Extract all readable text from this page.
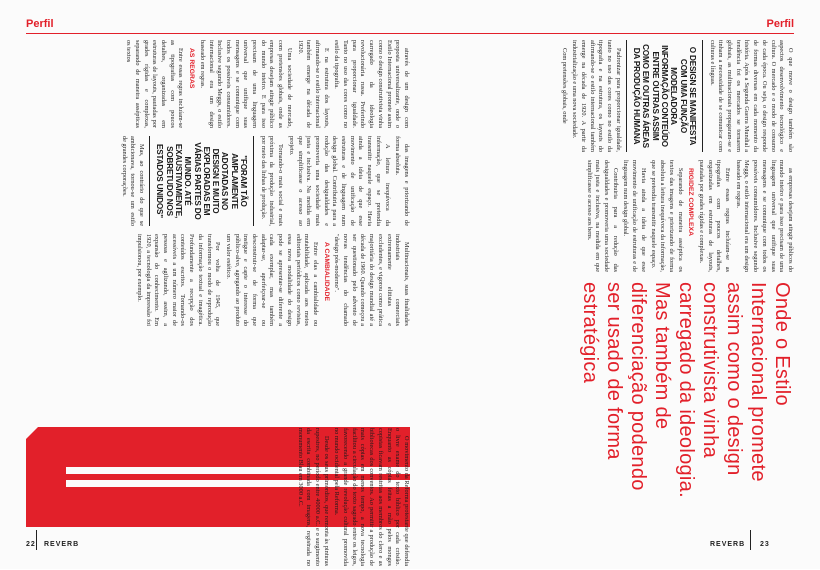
Perfil
22 REVERB	O movimento da Reforma protestante que defendia o livre exame do texto bíblico por cada cristão. Enquanto as cópias feitas a mão pelos monges copistas ficavam restritas aos membros do clero e as bibliotecas dos conventos. Ao permitir a produção de mais cópias em menos tempo, a nova tecnologia facilitou a circulação do texto sagrado entre os leigos, favorecendo a grande revolução cultural promovida no mundo ocidental pela Reforma.

Desde os seus primórdios, que remonta às pinturas rupestres, no período entre 40000 a.C. e o surgimento da escrita combinada com imagens, registrada no monumento Blau em 3000 a.C.

através de um design com proposta universalizante, onde o Estilo Internacional promete assim como o design construtivista vinha carregado da ideologia revolucionária russa. Preferindo para proporcionar igualdade. Tanto no uso das cores como no estilo da tipografia.

E na estrutura dos layouts, afirmando-se o estilo internacional também emerge na década de 1920.

Uma sociedade de mercado, com pretensões globais, onde as empresas desejam atingir público do mundo inteiro. E para isso precisam de uma linguagem universal que unifique suas mensagens e se comunique com todos os possíveis consumidores. Inclusive segundo Meggs, o estilo internacional era um design baseado em regras.

AS REGRAS

Entre essas regras incluíam-se as tipografias com poucos detalhes, organizadas em estruturas de layouts, pautadas por grades rígidas e complexas, separando de maneira assépticas os textos

das imagens e priorizando de forma absoluta.

A leitura inequívoca da informação, que se pretendia transmitir naquele espaço. Havia ainda a ideia de que esse movimento de unificação de estruturas e de linguagem num design global. Contribuiria para a redução das desigualdades e promoveria uma sociedade mais justa e inclusiva. Na medida em que simplificasse o acesso ao projeto.

Tornando-o mais social e mais próxima da produção industrial, por meio das linhas de produção.

"FORAM TÃO AMPLAMENTE ADOTADAS NO DESIGN E MUITO EXPLORADAS EM VÁRIAS PARTES DO MUNDO. ATÉ EXAUSTIVAMENTE, SOBRETUDO NOS ESTADOS UNIDOS"

Mas, ao contrário do que se ambicionava, tornou-se um estilo de grandes corporações.

Multinacionais, suas finalidades industriais comerciais extremamente elitistas e excludentes, e vigorou como prática majoritária do design mundial até a década de 1960. Quando começou a ser questionado pelo advento de novas tendências do chamado "design pós-moderno".

A CAMBIALIDADE

Entre elas a cambialidade ou mutabilidade, aplicada aos meios editoriais periódicos como revistas, essa nova modalidade do design pode se apresentar-se diferente a cada exemplar, mas também adaptar-se, aperfeiçoar-se ou desconstruir-se de forma que instigue e capte o interesse do público-alvo, agregando ao produto um valor estético.

Por volta de 1945, que transformou o modo de reprodução da informação textual e imagética. Profundamente a recepção dos conteúdos escritos. Tornando-os acessíveis a um número maior de pessoas e agilizando, assim, a expansão do conhecimento. Em 1920, a tecnologia da impressão foi impulsionou, por exemplo.

Perfil
REVERB 23

O que move o design também são aspectos desenvolvimento tecnológico e cultura. O mercado e o modo de consumo de cada época. Ou seja, o design responde de formas diversas em cada momento da história. Após a Segunda Guerra Mundial a tendência foi os mercados se tornarem globais, as multinacionais propagaram-se e tinham a necessidade de se comunicar com culturas e línguas.

O DESIGN SE MANIFESTA COM UMA FUNÇÃO MODELADORA INFORMAÇÃO CONTEÚDO ENTRE OUTRAS ASSIM COMO EM OUTRAS ÁREAS DA PRODUÇÃO HUMANA

Padronizar para proporcionar igualdade, tanto no uso das cores como no estilo da tipografia e na estrutura, os layouts do afirmando-se o estilo internacional também emerge na década de 1920. A partir da industrialização e uma nova sociedade.

Com pretensões globais, onde

as empresas desejam atingir públicos do mundo inteiro e para isso precisam de uma linguagem universal que unifique suas mensagens e se comunique com todos os possíveis consumidores. Inclusive segundo Meggs, o estilo internacional era um design baseado em regras.

Entre essas regras incluíam-se as tipografias com poucos detalhes, organizadas em estruturas de layouts, pautadas por grades rígidas e complexas.

RIGIDEZ COMPLEXA

Separando de maneira asséptica os textos das imagens e priorizando de forma absoluta a leitura inequívoca da informação, que se pretendia transmitir naquele espaço.

Havia ainda a ideia de que esse movimento de unificação de estruturas e de linguagem num design global.

Contribuiria para a redução das desigualdades e promoveria uma sociedade mais justa e inclusiva, na medida em que simplificasse o acesso aos bens.

Onde o Estilo Internacional promete assim como o design construtivista vinha carregado da ideologia. Mas também de diferenciação podendo ser usado de forma estratégica
